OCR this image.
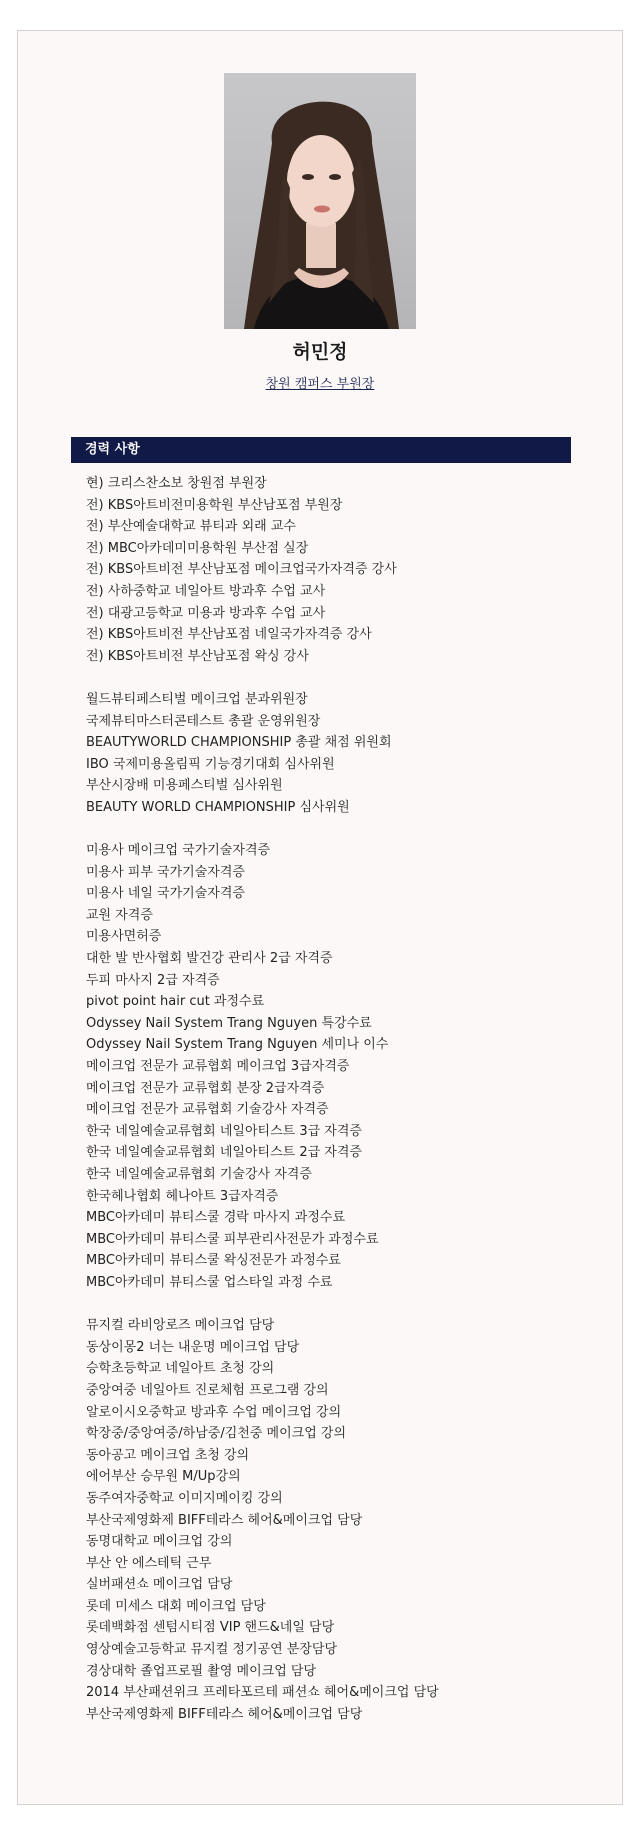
허민정
창원 캠퍼스 부원장
경력 사항
현) 크리스찬소보 창원점 부원장
전) KBS아트비전미용학원 부산남포점 부원장
전) 부산예술대학교 뷰티과 외래 교수
전) MBC아카데미미용학원 부산점 실장
전) KBS아트비전 부산남포점 메이크업국가자격증 강사
전) 사하중학교 네일아트 방과후 수업 교사
전) 대광고등학교 미용과 방과후 수업 교사
전) KBS아트비전 부산남포점 네일국가자격증 강사
전) KBS아트비전 부산남포점 왁싱 강사
월드뷰티페스티벌 메이크업 분과위원장
국제뷰티마스터콘테스트 총괄 운영위원장
BEAUTYWORLD CHAMPIONSHIP 총괄 채점 위원회
IBO 국제미용올림픽 기능경기대회 심사위원
부산시장배 미용페스티벌 심사위원
BEAUTY WORLD CHAMPIONSHIP 심사위원
미용사 메이크업 국가기술자격증
미용사 피부 국가기술자격증
미용사 네일 국가기술자격증
교원 자격증
미용사면허증
대한 발 반사협회 발건강 관리사 2급 자격증
두피 마사지 2급 자격증
pivot point hair cut 과정수료
Odyssey Nail System Trang Nguyen 특강수료
Odyssey Nail System Trang Nguyen 세미나 이수
메이크업 전문가 교류협회 메이크업 3급자격증
메이크업 전문가 교류협회 분장 2급자격증
메이크업 전문가 교류협회 기술강사 자격증
한국 네일예술교류협회 네일아티스트 3급 자격증
한국 네일예술교류협회 네일아티스트 2급 자격증
한국 네일예술교류협회 기술강사 자격증
한국헤나협회 헤나아트 3급자격증
MBC아카데미 뷰티스쿨 경락 마사지 과정수료
MBC아카데미 뷰티스쿨 피부관리사전문가 과정수료
MBC아카데미 뷰티스쿨 왁싱전문가 과정수료
MBC아카데미 뷰티스쿨 업스타일 과정 수료
뮤지컬 라비앙로즈 메이크업 담당
동상이몽2 너는 내운명 메이크업 담당
승학초등학교 네일아트 초청 강의
중앙여중 네일아트 진로체험 프로그램 강의
알로이시오중학교 방과후 수업 메이크업 강의
학장중/중앙여중/하남중/김천중 메이크업 강의
동아공고 메이크업 초청 강의
에어부산 승무원 M/Up강의
동주여자중학교 이미지메이킹 강의
부산국제영화제 BIFF테라스 헤어&메이크업 담당
동명대학교 메이크업 강의
부산 안 에스테틱 근무
실버패션쇼 메이크업 담당
롯데 미세스 대회 메이크업 담당
롯데백화점 센텀시티점 VIP 핸드&네일 담당
영상예술고등학교 뮤지컬 정기공연 분장담당
경상대학 졸업프로필 촬영 메이크업 담당
2014 부산패션위크 프레타포르테 패션쇼 헤어&메이크업 담당
부산국제영화제 BIFF테라스 헤어&메이크업 담당
